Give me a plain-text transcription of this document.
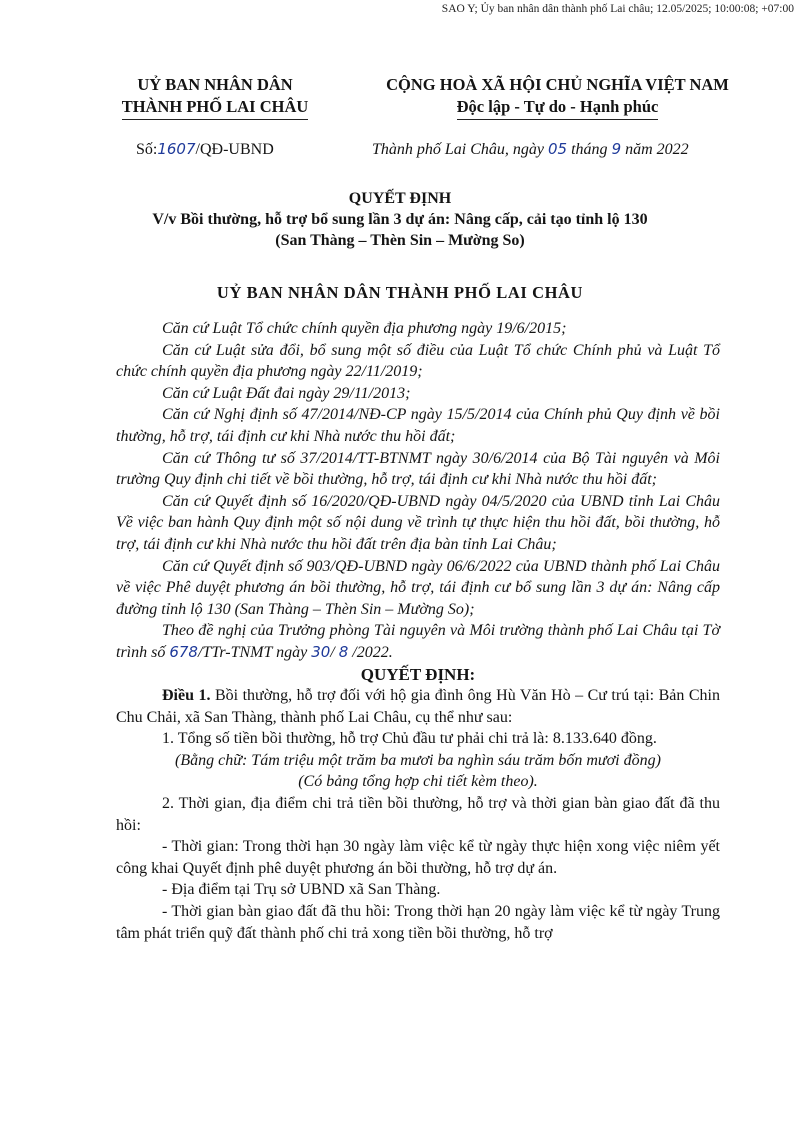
SAO Y; Ủy ban nhân dân thành phố Lai châu; 12.05/2025; 10:00:08; +07:00
UỶ BAN NHÂN DÂN
THÀNH PHỐ LAI CHÂU
CỘNG HOÀ XÃ HỘI CHỦ NGHĨA VIỆT NAM
Độc lập - Tự do - Hạnh phúc
Số:1607/QĐ-UBND	Thành phố Lai Châu, ngày 05 tháng 9 năm 2022
QUYẾT ĐỊNH
V/v Bồi thường, hỗ trợ bổ sung lần 3 dự án: Nâng cấp, cải tạo tỉnh lộ 130
(San Thàng – Thèn Sin – Mường So)
UỶ BAN NHÂN DÂN THÀNH PHỐ LAI CHÂU

Căn cứ Luật Tổ chức chính quyền địa phương ngày 19/6/2015;

Căn cứ Luật sửa đổi, bổ sung một số điều của Luật Tổ chức Chính phủ và Luật Tổ chức chính quyền địa phương ngày 22/11/2019;

Căn cứ Luật Đất đai ngày 29/11/2013;

Căn cứ Nghị định số 47/2014/NĐ-CP ngày 15/5/2014 của Chính phủ Quy định về bồi thường, hỗ trợ, tái định cư khi Nhà nước thu hồi đất;

Căn cứ Thông tư số 37/2014/TT-BTNMT ngày 30/6/2014 của Bộ Tài nguyên và Môi trường Quy định chi tiết về bồi thường, hỗ trợ, tái định cư khi Nhà nước thu hồi đất;

Căn cứ Quyết định số 16/2020/QĐ-UBND ngày 04/5/2020 của UBND tỉnh Lai Châu Về việc ban hành Quy định một số nội dung về trình tự thực hiện thu hồi đất, bồi thường, hỗ trợ, tái định cư khi Nhà nước thu hồi đất trên địa bàn tỉnh Lai Châu;

Căn cứ Quyết định số 903/QĐ-UBND ngày 06/6/2022 của UBND thành phố Lai Châu về việc Phê duyệt phương án bồi thường, hỗ trợ, tái định cư bổ sung lần 3 dự án: Nâng cấp đường tỉnh lộ 130 (San Thàng – Thèn Sin – Mường So);

Theo đề nghị của Trưởng phòng Tài nguyên và Môi trường thành phố Lai Châu tại Tờ trình số 678/TTr-TNMT ngày 30/ 8 /2022.

QUYẾT ĐỊNH:

Điều 1. Bồi thường, hỗ trợ đối với hộ gia đình ông Hù Văn Hò – Cư trú tại: Bản Chin Chu Chải, xã San Thàng, thành phố Lai Châu, cụ thể như sau:

1. Tổng số tiền bồi thường, hỗ trợ Chủ đầu tư phải chi trả là: 8.133.640 đồng.

(Bằng chữ: Tám triệu một trăm ba mươi ba nghìn sáu trăm bốn mươi đồng)

(Có bảng tổng hợp chi tiết kèm theo).

2. Thời gian, địa điểm chi trả tiền bồi thường, hỗ trợ và thời gian bàn giao đất đã thu hồi:

- Thời gian: Trong thời hạn 30 ngày làm việc kể từ ngày thực hiện xong việc niêm yết công khai Quyết định phê duyệt phương án bồi thường, hỗ trợ dự án.

- Địa điểm tại Trụ sở UBND xã San Thàng.

- Thời gian bàn giao đất đã thu hồi: Trong thời hạn 20 ngày làm việc kể từ ngày Trung tâm phát triển quỹ đất thành phố chi trả xong tiền bồi thường, hỗ trợ
